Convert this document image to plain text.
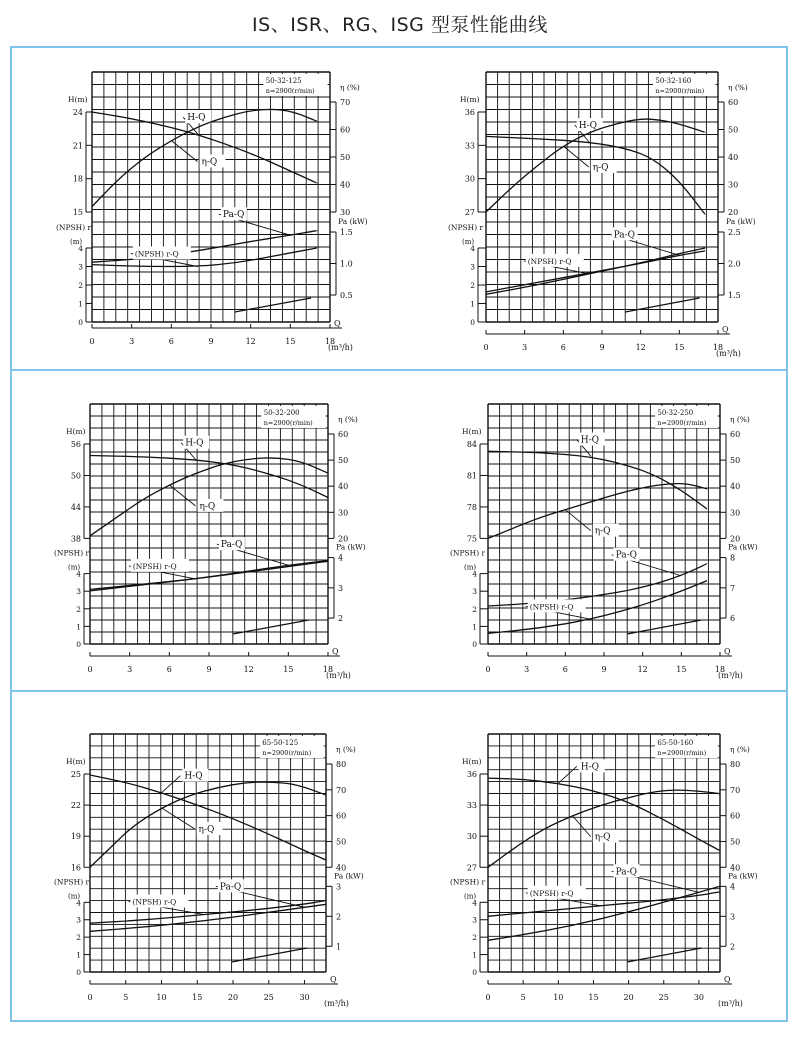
IS、ISR、RG、ISG 型泵性能曲线
50-32-125
n=2900(r/min)
H(m)
24
21
18
15
(NPSH) r
(m)
4
3
2
1
0
η (%)
70
60
50
40
30
Pa (kW)
1.5
1.0
0.5
0	3	6	9	12	15	18
Q
(m³/h)
H-Q
η-Q
Pa-Q
(NPSH) r-Q
50-32-160
n=2900(r/min)
H(m)
36
33
30
27
(NPSH) r
(m)
4
3
2
1
0
η (%)
60
50
40
30
20
Pa (kW)
2.5
2.0
1.5
0	3	6	9	12	15	18
Q
(m³/h)
H-Q
η-Q
Pa-Q
(NPSH) r-Q
50-32-200
n=2900(r/min)
H(m)
56
50
44
38
(NPSH) r
(m)
4
3
2
1
0
η (%)
60
50
40
30
20
Pa (kW)
4
3
2
0	3	6	9	12	15	18
Q
(m³/h)
H-Q
η-Q
Pa-Q
(NPSH) r-Q
50-32-250
n=2900(r/min)
H(m)
84
81
78
75
(NPSH) r
(m)
4
3
2
1
0
η (%)
60
50
40
30
20
Pa (kW)
8
7
6
0	3	6	9	12	15	18
Q
(m³/h)
H-Q
η-Q
Pa-Q
(NPSH) r-Q
65-50-125
n=2900(r/min)
H(m)
25
22
19
16
(NPSH) r
(m)
4
3
2
1
0
η (%)
80
70
60
50
40
Pa (kW)
3
2
1
0	5	10	15	20	25	30
Q
(m³/h)
H-Q
η-Q
Pa-Q
(NPSH) r-Q
65-50-160
n=2900(r/min)
H(m)
36
33
30
27
(NPSH) r
(m)
4
3
2
1
0
η (%)
80
70
60
50
40
Pa (kW)
4
3
2
0	5	10	15	20	25	30
Q
(m³/h)
H-Q
η-Q
Pa-Q
(NPSH) r-Q
